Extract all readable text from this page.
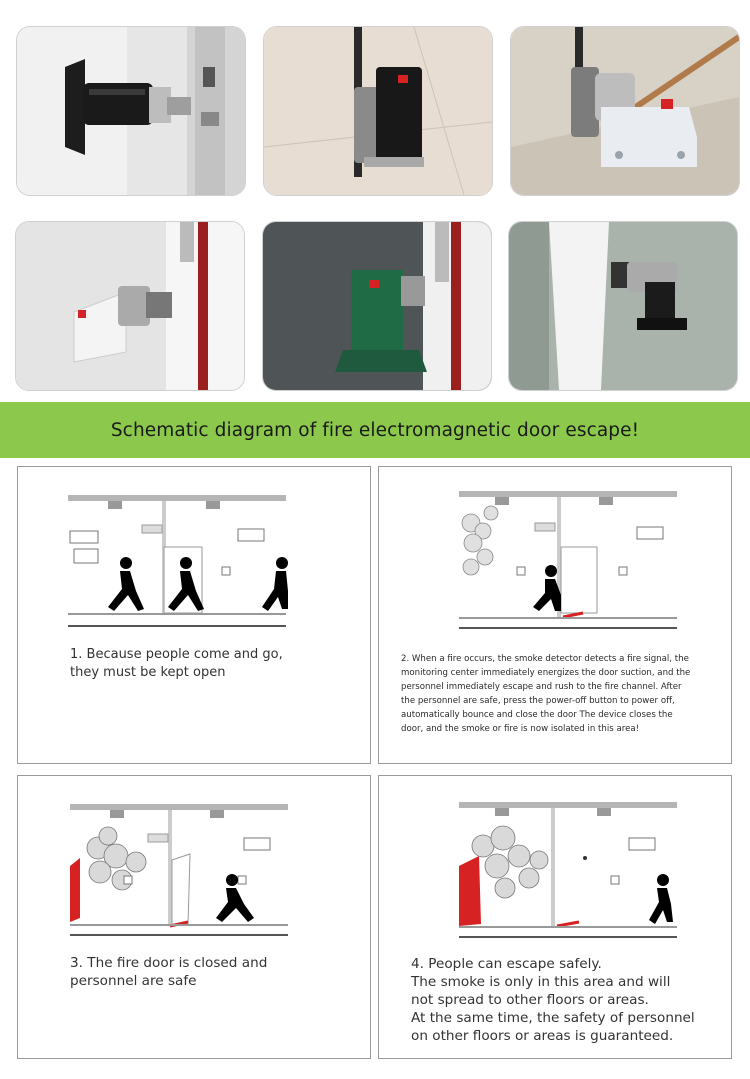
Schematic diagram of fire electromagnetic door escape!
1. Because people come and go,
they must be kept open
2. When a fire occurs, the smoke detector detects a fire signal, the
monitoring center immediately energizes the door suction, and the
personnel immediately escape and rush to the fire channel. After
the personnel are safe, press the power-off button to power off,
automatically bounce and close the door The device closes the
door, and the smoke or fire is now isolated in this area!
3. The fire door is closed and
personnel are safe
4. People can escape safely.
The smoke is only in this area and will
not spread to other floors or areas.
At the same time, the safety of personnel
on other floors or areas is guaranteed.
